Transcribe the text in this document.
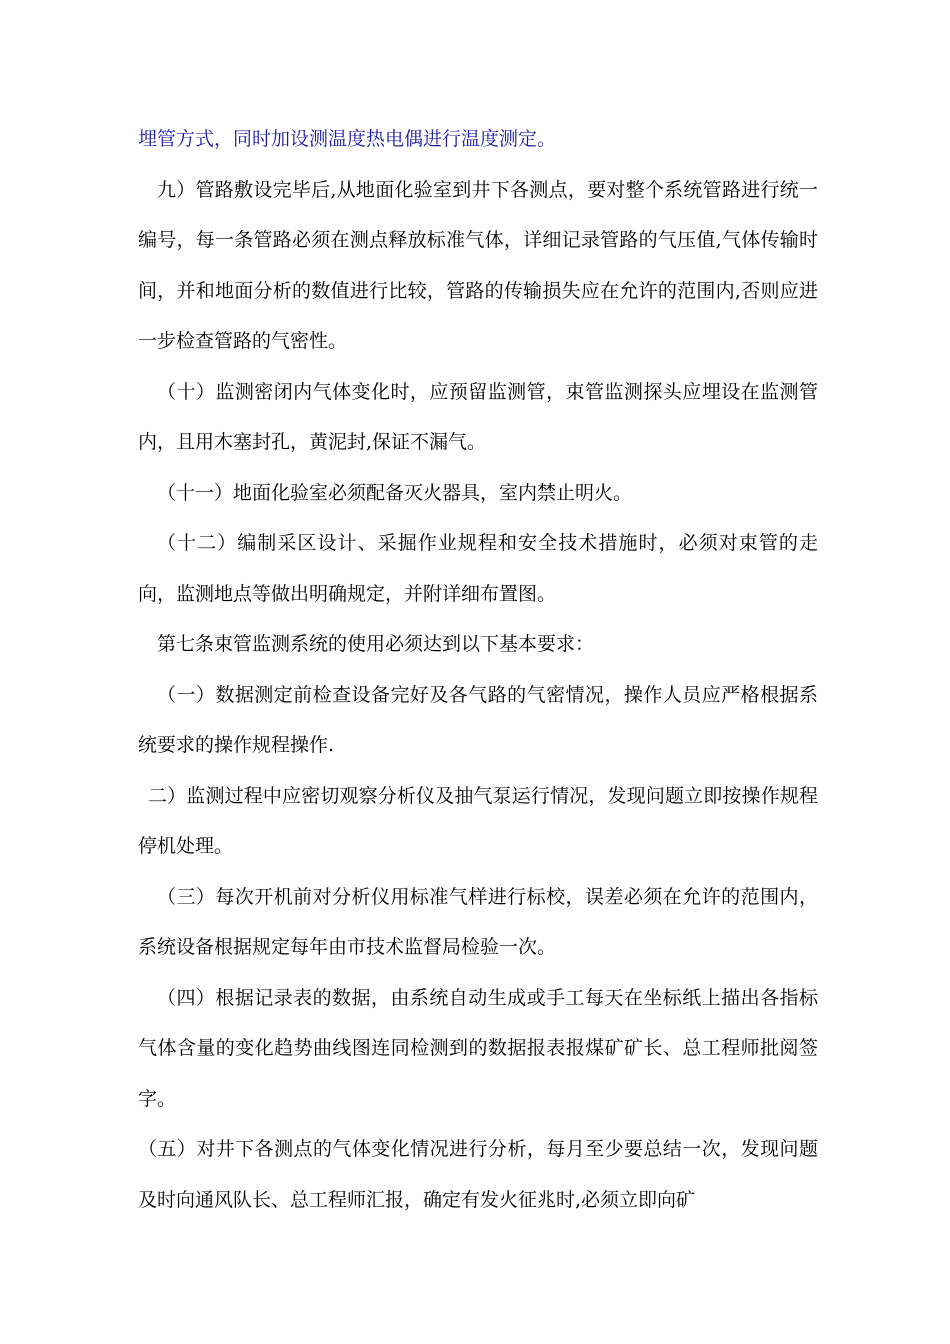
埋管方式，同时加设测温度热电偶进行温度测定。

九）管路敷设完毕后,从地面化验室到井下各测点，要对整个系统管路进行统一编号，每一条管路必须在测点释放标准气体，详细记录管路的气压值,气体传输时间，并和地面分析的数值进行比较，管路的传输损失应在允许的范围内,否则应进一步检查管路的气密性。

（十）监测密闭内气体变化时，应预留监测管，束管监测探头应埋设在监测管内，且用木塞封孔，黄泥封,保证不漏气。

（十一）地面化验室必须配备灭火器具，室内禁止明火。

（十二）编制采区设计、采掘作业规程和安全技术措施时，必须对束管的走向，监测地点等做出明确规定，并附详细布置图。

第七条束管监测系统的使用必须达到以下基本要求：

（一）数据测定前检查设备完好及各气路的气密情况，操作人员应严格根据系统要求的操作规程操作.

二）监测过程中应密切观察分析仪及抽气泵运行情况，发现问题立即按操作规程停机处理。

（三）每次开机前对分析仪用标准气样进行标校，误差必须在允许的范围内，系统设备根据规定每年由市技术监督局检验一次。

（四）根据记录表的数据，由系统自动生成或手工每天在坐标纸上描出各指标气体含量的变化趋势曲线图连同检测到的数据报表报煤矿矿长、总工程师批阅签字。

（五）对井下各测点的气体变化情况进行分析，每月至少要总结一次，发现问题及时向通风队长、总工程师汇报，确定有发火征兆时,必须立即向矿
